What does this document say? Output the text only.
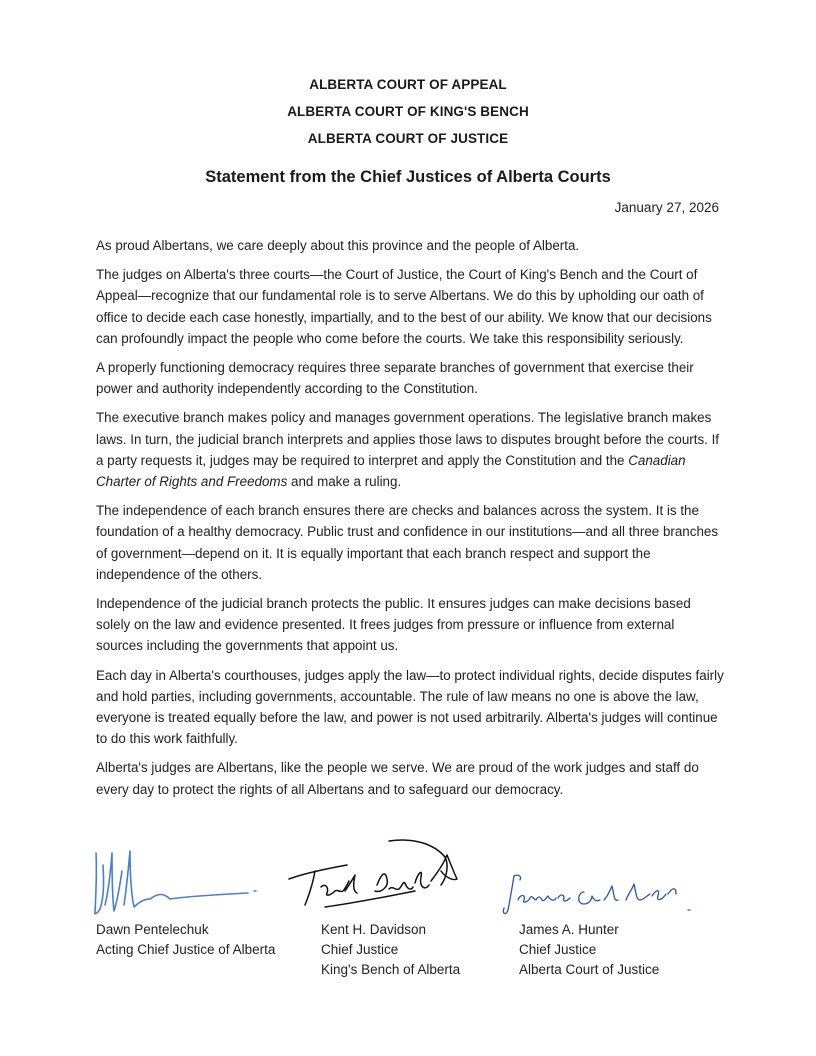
ALBERTA COURT OF APPEAL
ALBERTA COURT OF KING'S BENCH
ALBERTA COURT OF JUSTICE
Statement from the Chief Justices of Alberta Courts
January 27, 2026

As proud Albertans, we care deeply about this province and the people of Alberta.

The judges on Alberta's three courts—the Court of Justice, the Court of King's Bench and the Court of Appeal—recognize that our fundamental role is to serve Albertans. We do this by upholding our oath of office to decide each case honestly, impartially, and to the best of our ability. We know that our decisions can profoundly impact the people who come before the courts. We take this responsibility seriously.

A properly functioning democracy requires three separate branches of government that exercise their power and authority independently according to the Constitution.

The executive branch makes policy and manages government operations. The legislative branch makes laws. In turn, the judicial branch interprets and applies those laws to disputes brought before the courts. If a party requests it, judges may be required to interpret and apply the Constitution and the Canadian Charter of Rights and Freedoms and make a ruling.

The independence of each branch ensures there are checks and balances across the system. It is the foundation of a healthy democracy. Public trust and confidence in our institutions—and all three branches of government—depend on it. It is equally important that each branch respect and support the independence of the others.

Independence of the judicial branch protects the public. It ensures judges can make decisions based solely on the law and evidence presented. It frees judges from pressure or influence from external sources including the governments that appoint us.

Each day in Alberta's courthouses, judges apply the law—to protect individual rights, decide disputes fairly and hold parties, including governments, accountable. The rule of law means no one is above the law, everyone is treated equally before the law, and power is not used arbitrarily. Alberta's judges will continue to do this work faithfully.

Alberta's judges are Albertans, like the people we serve. We are proud of the work judges and staff do every day to protect the rights of all Albertans and to safeguard our democracy.

Dawn Pentelechuk
Acting Chief Justice of Alberta
Kent H. Davidson
Chief Justice
King's Bench of Alberta
James A. Hunter
Chief Justice
Alberta Court of Justice
